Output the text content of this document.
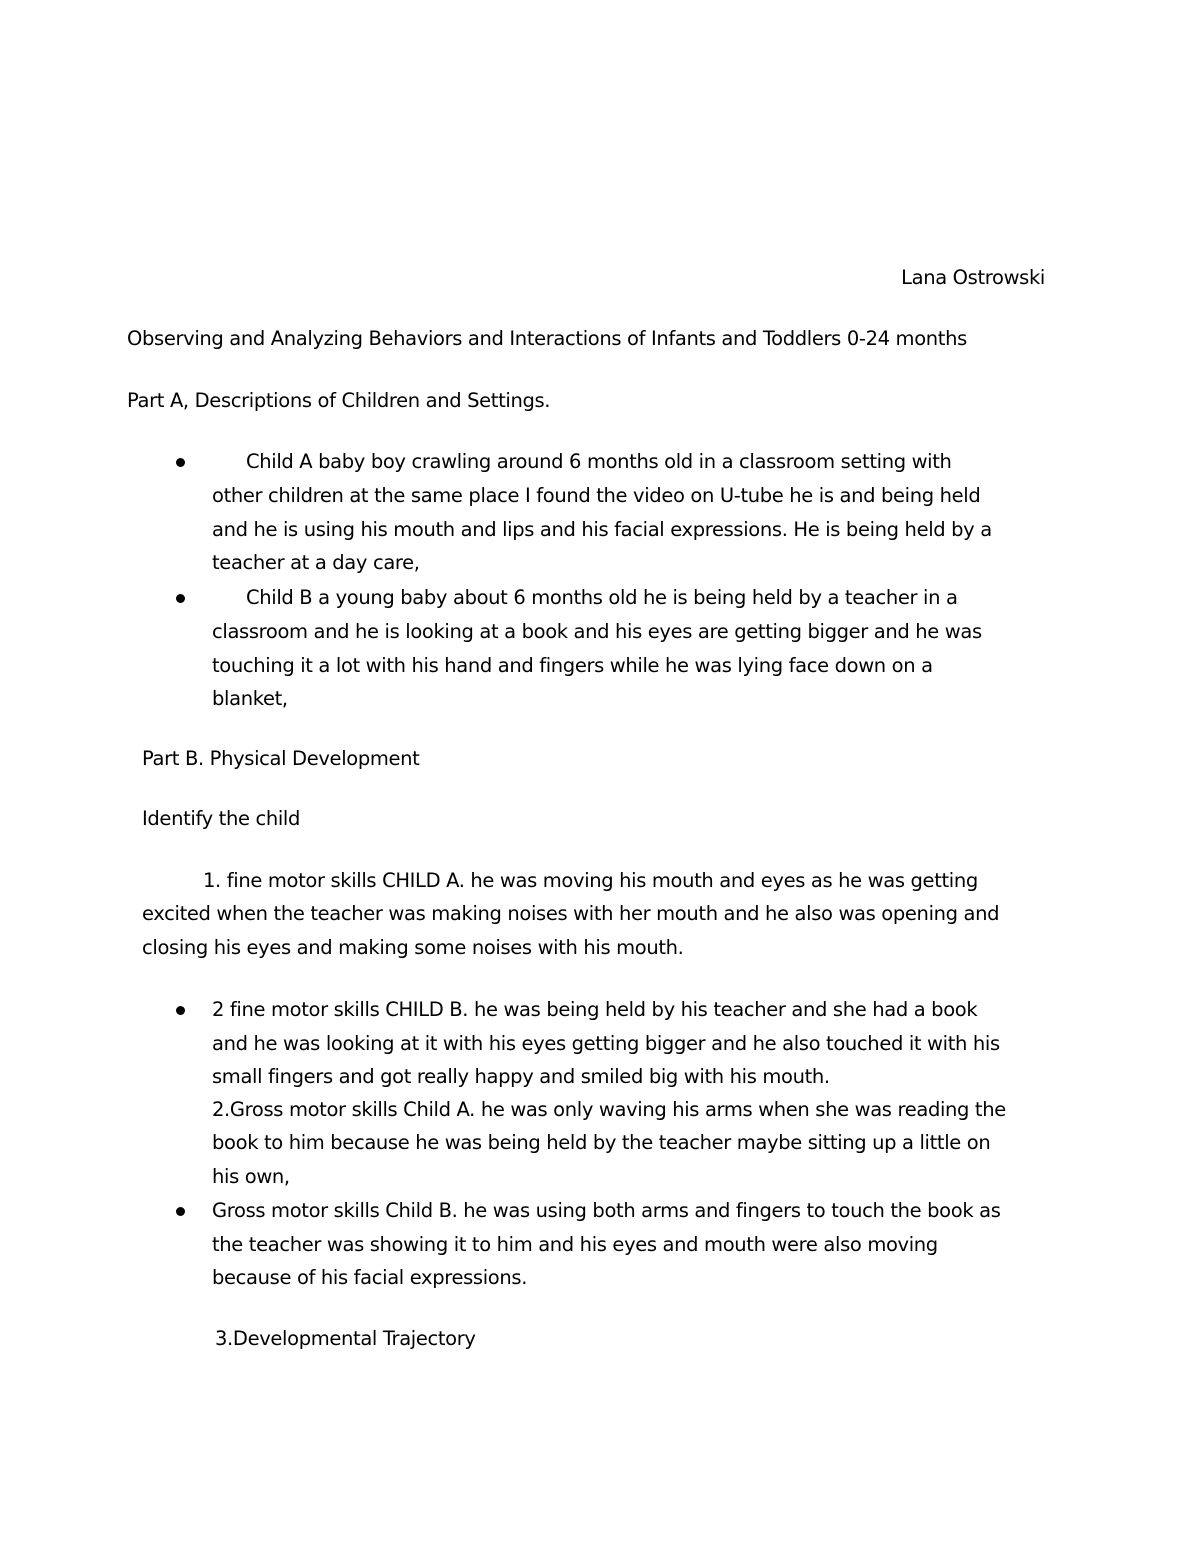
Lana Ostrowski
Observing and Analyzing Behaviors and Interactions of Infants and Toddlers 0-24 months
Part A, Descriptions of Children and Settings.
Child A baby boy crawling around 6 months old in a classroom setting with
other children at the same place I found the video on U-tube he is and being held
and he is using his mouth and lips and his facial expressions. He is being held by a
teacher at a day care,
Child B a young baby about 6 months old he is being held by a teacher in a
classroom and he is looking at a book and his eyes are getting bigger and he was
touching it a lot with his hand and fingers while he was lying face down on a
blanket,
Part B. Physical Development
Identify the child
1. fine motor skills CHILD A. he was moving his mouth and eyes as he was getting
excited when the teacher was making noises with her mouth and he also was opening and
closing his eyes and making some noises with his mouth.
2 fine motor skills CHILD B. he was being held by his teacher and she had a book
and he was looking at it with his eyes getting bigger and he also touched it with his
small fingers and got really happy and smiled big with his mouth.
2.Gross motor skills Child A. he was only waving his arms when she was reading the
book to him because he was being held by the teacher maybe sitting up a little on
his own,
Gross motor skills Child B. he was using both arms and fingers to touch the book as
the teacher was showing it to him and his eyes and mouth were also moving
because of his facial expressions.
3.Developmental Trajectory
